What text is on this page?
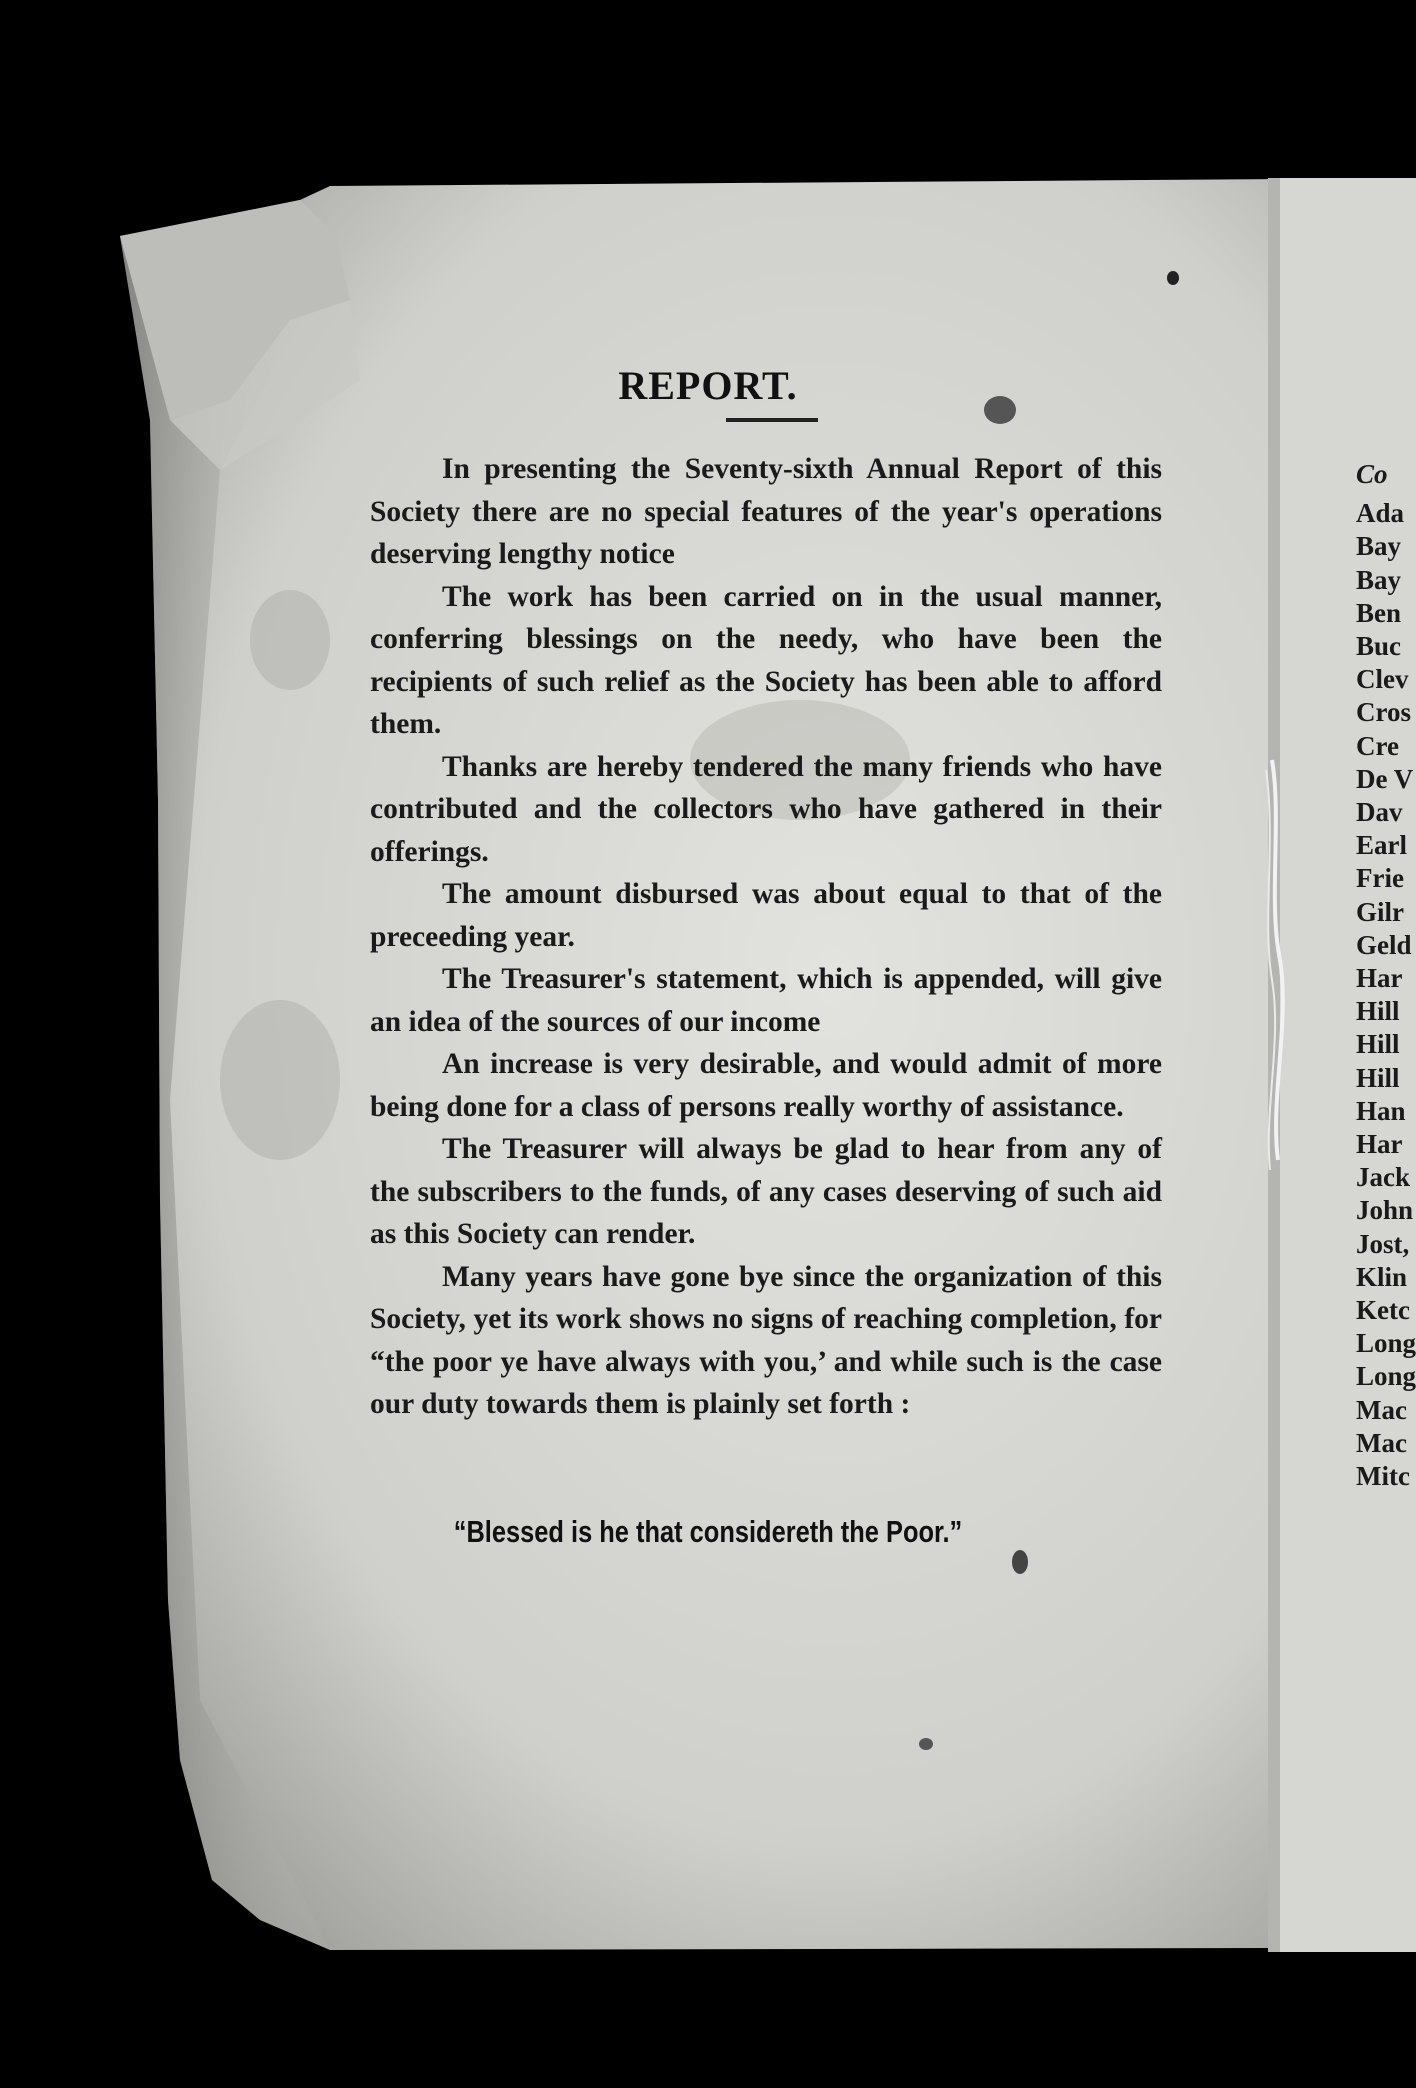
REPORT.

In presenting the Seventy-sixth Annual Report of this Society there are no special features of the year's operations deserving lengthy notice

The work has been carried on in the usual manner, conferring blessings on the needy, who have been the recipients of such relief as the Society has been able to afford them.

Thanks are hereby tendered the many friends who have contributed and the collectors who have gathered in their offerings.

The amount disbursed was about equal to that of the preceeding year.

The Treasurer's statement, which is appended, will give an idea of the sources of our income

An increase is very desirable, and would admit of more being done for a class of persons really worthy of assistance.

The Treasurer will always be glad to hear from any of the subscribers to the funds, of any cases deserving of such aid as this Society can render.

Many years have gone bye since the organization of this Society, yet its work shows no signs of reaching completion, for “the poor ye have always with you,’ and while such is the case our duty towards them is plainly set forth :

“Blessed is he that considereth the Poor.”
Co
Ada
Bay
Bay
Ben
Buc
Clev
Cros
Cre
De V
Dav
Earl
Frie
Gilr
Geld
Har
Hill
Hill
Hill
Han
Har
Jack
John
Jost,
Klin
Ketc
Long
Long
Mac
Mac
Mitc
